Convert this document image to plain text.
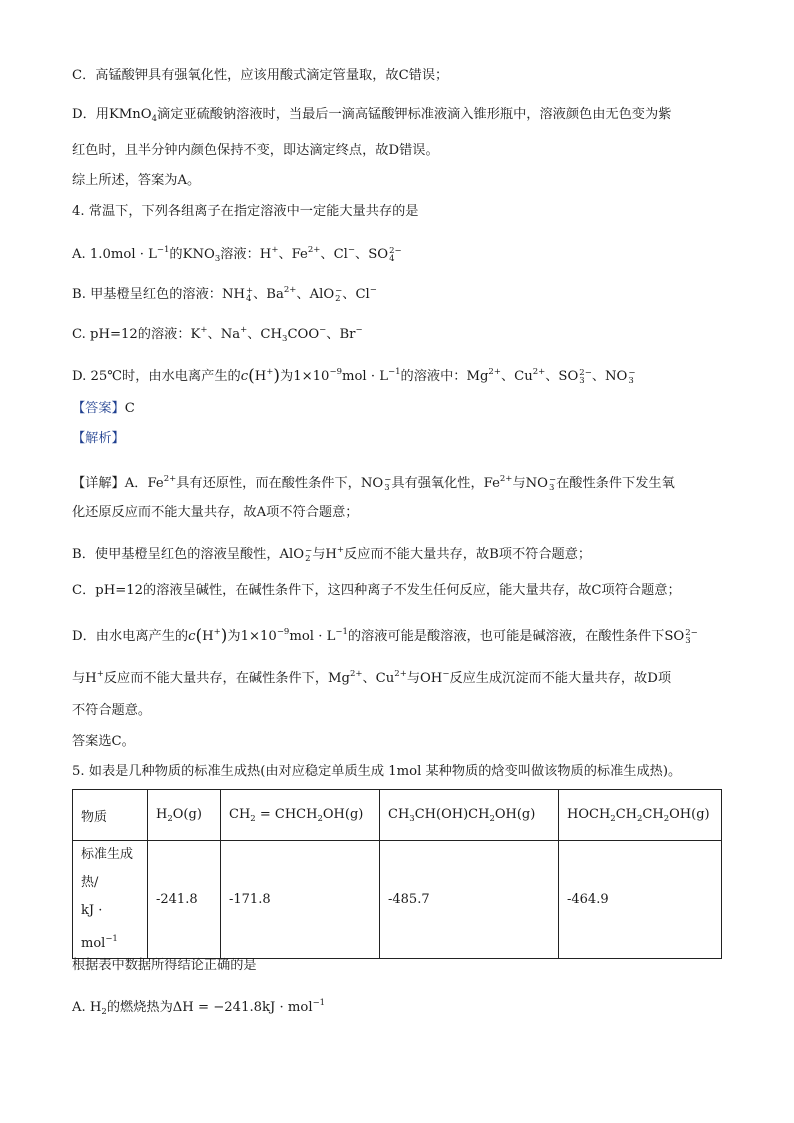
C．高锰酸钾具有强氧化性，应该用酸式滴定管量取，故C错误；
D．用KMnO$_4$滴定亚硫酸钠溶液时，当最后一滴高锰酸钾标准液滴入锥形瓶中，溶液颜色由无色变为紫
红色时，且半分钟内颜色保持不变，即达滴定终点，故D错误。
综上所述，答案为A。
4. 常温下，下列各组离子在指定溶液中一定能大量共存的是
A. $1.0mol \cdot L^{-1}$的$KNO_3$溶液：H+、$Fe^{2+}$、Cl−、SO 2−
4
B. 甲基橙呈红色的溶液：NH +
4 、$Ba^{2+}$、AlO −
2 、Cl−
C. pH=12的溶液：K+、Na+、$CH_3COO^-$、Br−
D. 25℃时，由水电离产生的c(H+)为$1\times 10^{-9}mol \cdot L^{-1}$的溶液中：$Mg^{2+}$、$Cu^{2+}$、SO 2−
3 、NO −
3
【答案】C
【解析】
【详解】A．$Fe^{2+}$具有还原性，而在酸性条件下，NO −
3 具有强氧化性，$Fe^{2+}$与NO −
3 在酸性条件下发生氧
化还原反应而不能大量共存，故A项不符合题意；
B．使甲基橙呈红色的溶液呈酸性，AlO −
2 与H+反应而不能大量共存，故B项不符合题意；
C．pH=12的溶液呈碱性，在碱性条件下，这四种离子不发生任何反应，能大量共存，故C项符合题意；
D．由水电离产生的c(H+)为$1\times 10^{-9}mol \cdot L^{-1}$的溶液可能是酸溶液，也可能是碱溶液，在酸性条件下SO 2−
3
与H+反应而不能大量共存，在碱性条件下，$Mg^{2+}$、$Cu^{2+}$与OH−反应生成沉淀而不能大量共存，故D项
不符合题意。
答案选C。
5. 如表是几种物质的标准生成热(由对应稳定单质生成 1mol 某种物质的焓变叫做该物质的标准生成热)。
物质	$H_2O(g)$	$CH_2$ = $CHCH_2OH(g)$	$CH_3CH(OH)CH_2OH(g)$	$HOCH_2CH_2CH_2OH(g)$

标准生成
热/
kJ · mol$^{-1}$	-241.8	-171.8	-485.7	-464.9
根据表中数据所得结论正确的是
A. $H_2$的燃烧热为ΔH = −241.8kJ · mol$^{-1}$
